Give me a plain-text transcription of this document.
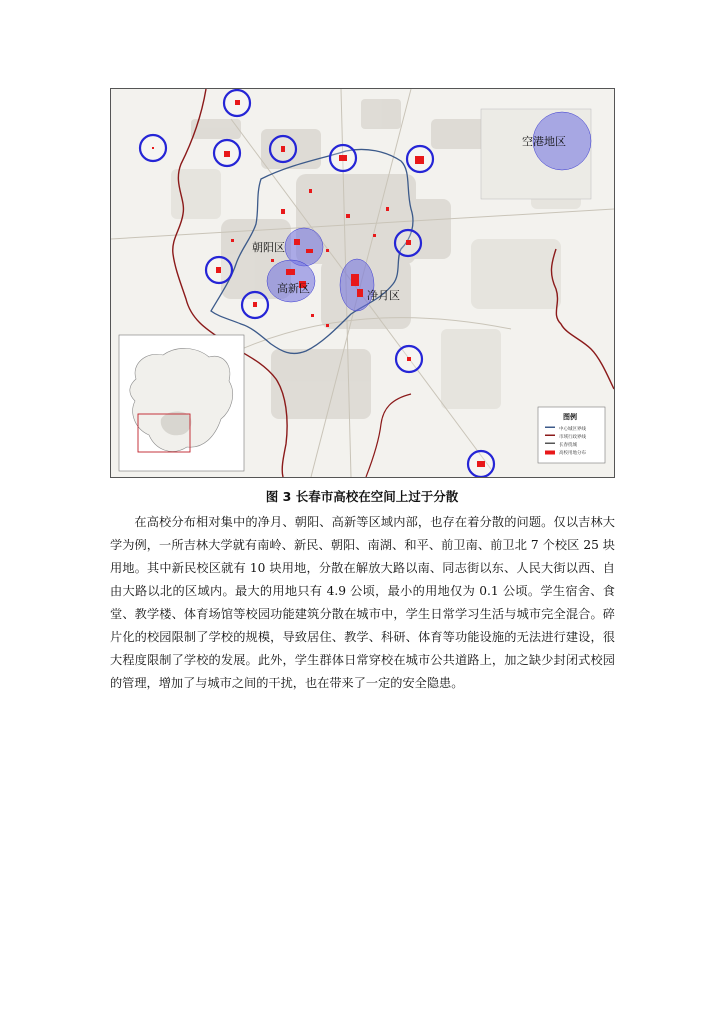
朝阳区
高新区
净月区
空港地区
图例
中心城区界线
市域行政界线
长春绕城
高校用地分布
图 3 长春市高校在空间上过于分散

在高校分布相对集中的净月、朝阳、高新等区域内部，也存在着分散的问题。仅以吉林大学为例，一所吉林大学就有南岭、新民、朝阳、南湖、和平、前卫南、前卫北 7 个校区 25 块用地。其中新民校区就有 10 块用地，分散在解放大路以南、同志街以东、人民大街以西、自由大路以北的区域内。最大的用地只有 4.9 公顷，最小的用地仅为 0.1 公顷。学生宿舍、食堂、教学楼、体育场馆等校园功能建筑分散在城市中，学生日常学习生活与城市完全混合。碎片化的校园限制了学校的规模，导致居住、教学、科研、体育等功能设施的无法进行建设，很大程度限制了学校的发展。此外，学生群体日常穿校在城市公共道路上，加之缺少封闭式校园的管理，增加了与城市之间的干扰，也在带来了一定的安全隐患。
